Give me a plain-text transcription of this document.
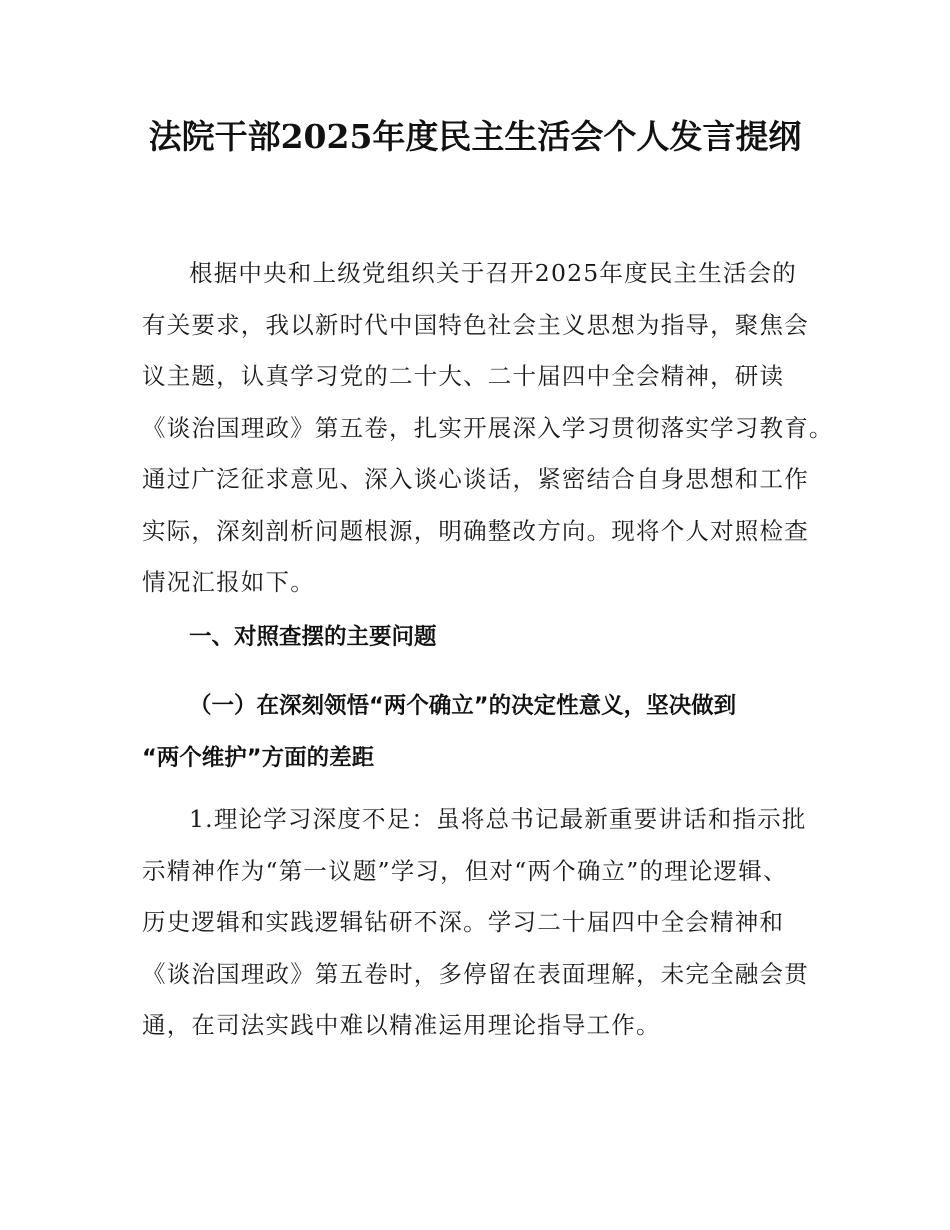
法院干部2025年度民主生活会个人发言提纲

根据中央和上级党组织关于召开2025年度民主生活会的
有关要求，我以新时代中国特色社会主义思想为指导，聚焦会
议主题，认真学习党的二十大、二十届四中全会精神，研读
《谈治国理政》第五卷，扎实开展深入学习贯彻落实学习教育。
通过广泛征求意见、深入谈心谈话，紧密结合自身思想和工作
实际，深刻剖析问题根源，明确整改方向。现将个人对照检查
情况汇报如下。

一、对照查摆的主要问题
（一）在深刻领悟“两个确立”的决定性意义，坚决做到
“两个维护”方面的差距

1.理论学习深度不足：虽将总书记最新重要讲话和指示批
示精神作为“第一议题”学习，但对“两个确立”的理论逻辑、
历史逻辑和实践逻辑钻研不深。学习二十届四中全会精神和
《谈治国理政》第五卷时，多停留在表面理解，未完全融会贯
通，在司法实践中难以精准运用理论指导工作。
